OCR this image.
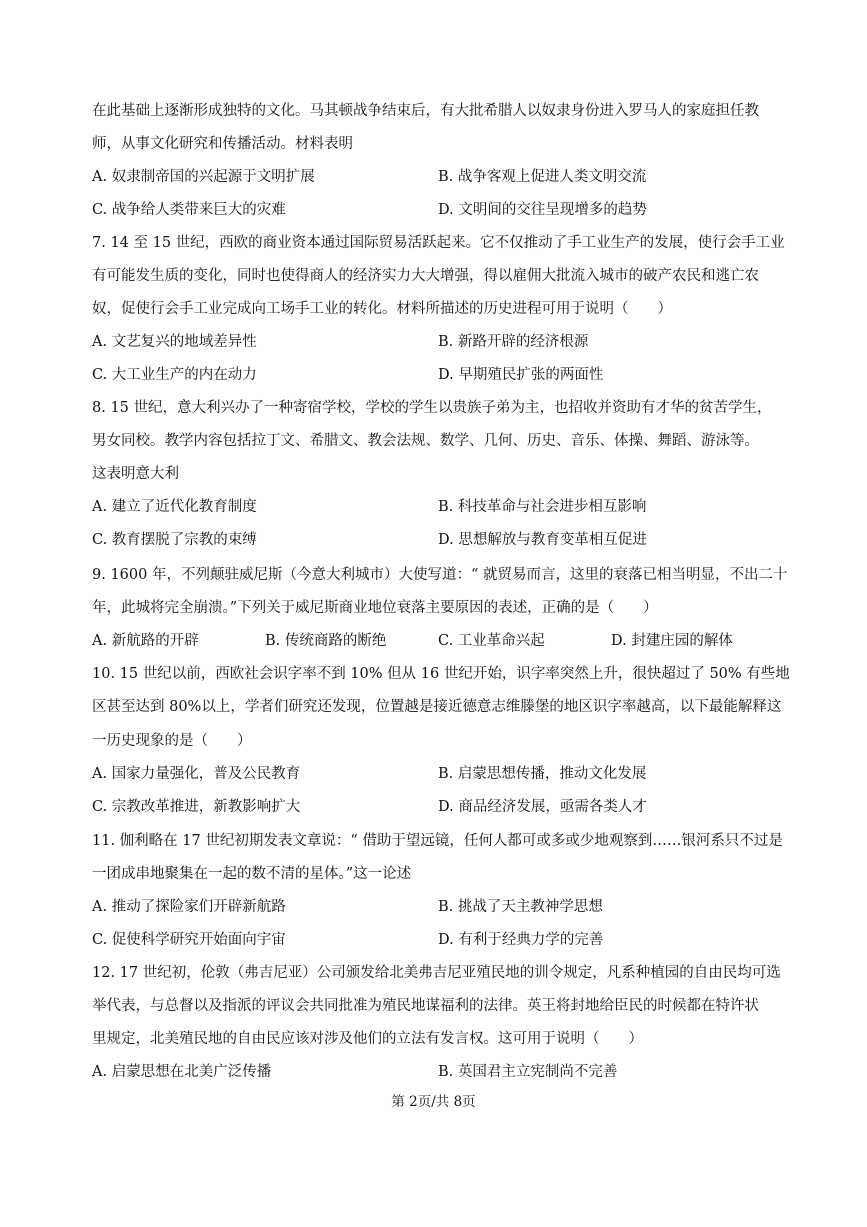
在此基础上逐渐形成独特的文化。马其顿战争结束后，有大批希腊人以奴隶身份进入罗马人的家庭担任教
师，从事文化研究和传播活动。材料表明
A. 奴隶制帝国的兴起源于文明扩展	B. 战争客观上促进人类文明交流
C. 战争给人类带来巨大的灾难	D. 文明间的交往呈现增多的趋势
7. 14 至 15 世纪，西欧的商业资本通过国际贸易活跃起来。它不仅推动了手工业生产的发展，使行会手工业
有可能发生质的变化，同时也使得商人的经济实力大大增强，得以雇佣大批流入城市的破产农民和逃亡农
奴，促使行会手工业完成向工场手工业的转化。材料所描述的历史进程可用于说明（　　）
A. 文艺复兴的地域差异性	B. 新路开辟的经济根源
C. 大工业生产的内在动力	D. 早期殖民扩张的两面性
8. 15 世纪，意大利兴办了一种寄宿学校，学校的学生以贵族子弟为主，也招收并资助有才华的贫苦学生，
男女同校。教学内容包括拉丁文、希腊文、教会法规、数学、几何、历史、音乐、体操、舞蹈、游泳等。
这表明意大利
A. 建立了近代化教育制度	B. 科技革命与社会进步相互影响
C. 教育摆脱了宗教的束缚	D. 思想解放与教育变革相互促进
9. 1600 年，不列颠驻威尼斯（今意大利城市）大使写道：“ 就贸易而言，这里的衰落已相当明显，不出二十
年，此城将完全崩溃。”下列关于威尼斯商业地位衰落主要原因的表述，正确的是（　　）
A. 新航路的开辟	B. 传统商路的断绝	C. 工业革命兴起	D. 封建庄园的解体
10. 15 世纪以前，西欧社会识字率不到 10% 但从 16 世纪开始，识字率突然上升，很快超过了 50% 有些地
区甚至达到 80%以上，学者们研究还发现，位置越是接近德意志维滕堡的地区识字率越高，以下最能解释这
一历史现象的是（　　）
A. 国家力量强化，普及公民教育	B. 启蒙思想传播，推动文化发展
C. 宗教改革推进，新教影响扩大	D. 商品经济发展，亟需各类人才
11. 伽利略在 17 世纪初期发表文章说：“ 借助于望远镜，任何人都可或多或少地观察到……银河系只不过是
一团成串地聚集在一起的数不清的星体。”这一论述
A. 推动了探险家们开辟新航路	B. 挑战了天主教神学思想
C. 促使科学研究开始面向宇宙	D. 有利于经典力学的完善
12. 17 世纪初，伦敦（弗吉尼亚）公司颁发给北美弗吉尼亚殖民地的训令规定，凡系种植园的自由民均可选
举代表，与总督以及指派的评议会共同批准为殖民地谋福利的法律。英王将封地给臣民的时候都在特许状
里规定，北美殖民地的自由民应该对涉及他们的立法有发言权。这可用于说明（　　）
A. 启蒙思想在北美广泛传播	B. 英国君主立宪制尚不完善
第 2页/共 8页
